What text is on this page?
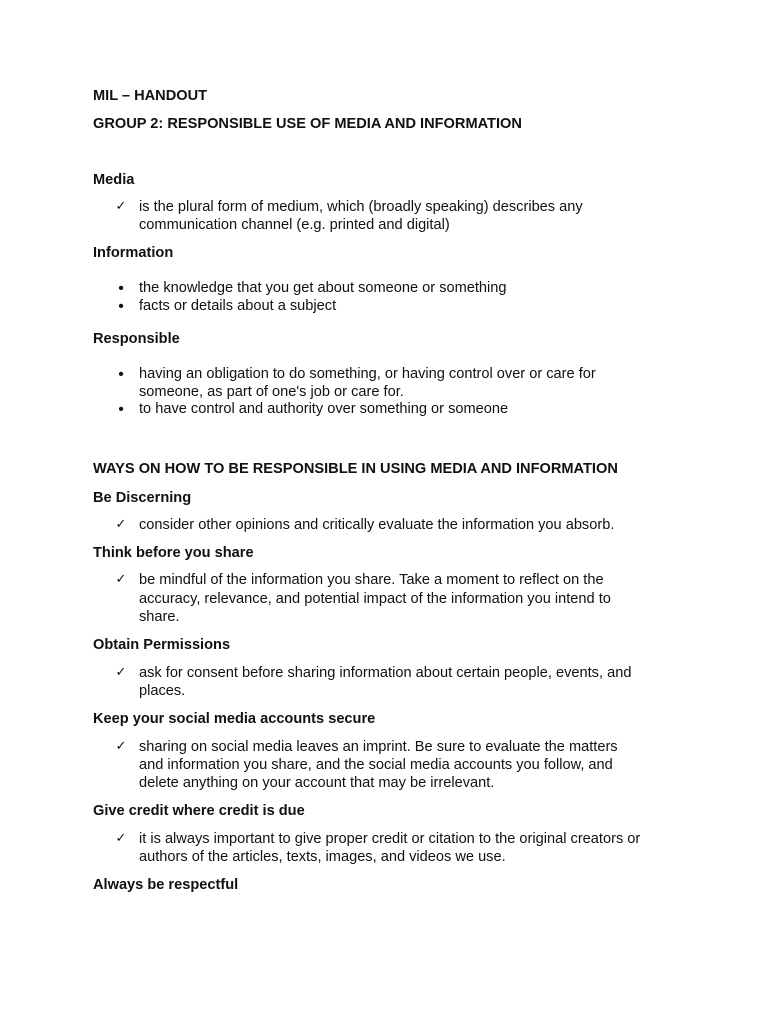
MIL – HANDOUT
GROUP 2: RESPONSIBLE USE OF MEDIA AND INFORMATION
Media
✓ is the plural form of medium, which (broadly speaking) describes any
communication channel (e.g. printed and digital)
Information
• the knowledge that you get about someone or something
• facts or details about a subject
Responsible
• having an obligation to do something, or having control over or care for
someone, as part of one's job or care for.
• to have control and authority over something or someone
WAYS ON HOW TO BE RESPONSIBLE IN USING MEDIA AND INFORMATION
Be Discerning
✓ consider other opinions and critically evaluate the information you absorb.
Think before you share
✓ be mindful of the information you share. Take a moment to reflect on the
accuracy, relevance, and potential impact of the information you intend to
share.
Obtain Permissions
✓ ask for consent before sharing information about certain people, events, and
places.
Keep your social media accounts secure
✓ sharing on social media leaves an imprint. Be sure to evaluate the matters
and information you share, and the social media accounts you follow, and
delete anything on your account that may be irrelevant.
Give credit where credit is due
✓ it is always important to give proper credit or citation to the original creators or
authors of the articles, texts, images, and videos we use.
Always be respectful
